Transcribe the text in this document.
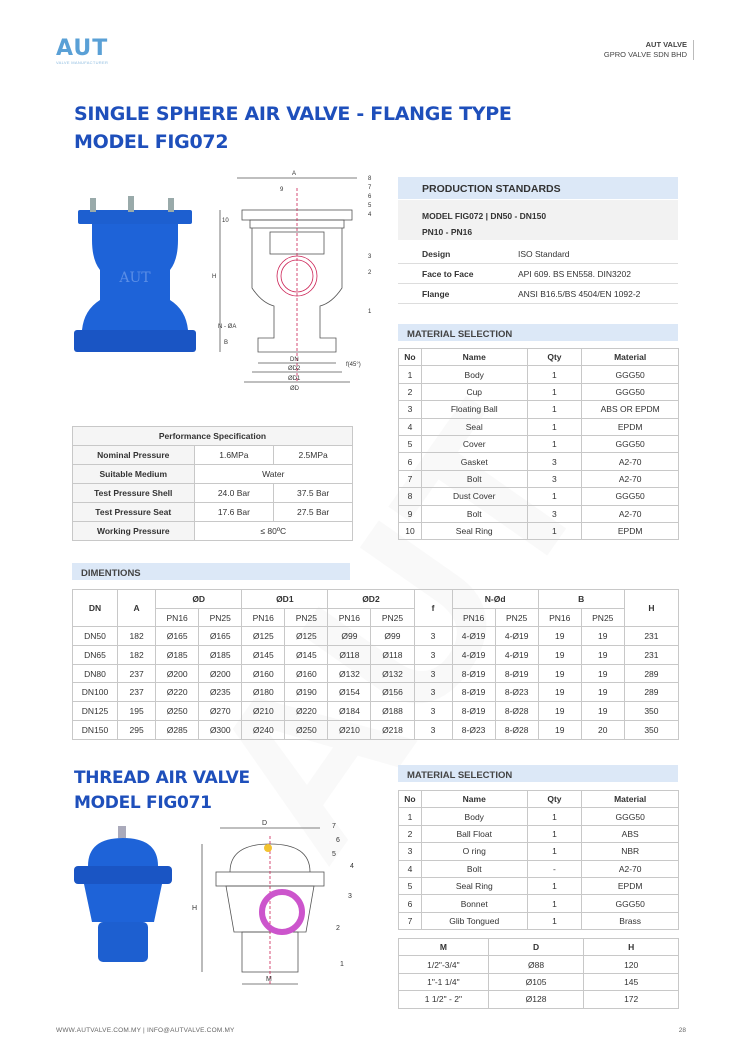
AUT
VALVE MANUFACTURER
AUT VALVE
GPRO VALVE SDN BHD
SINGLE SPHERE AIR VALVE - FLANGE TYPE
MODEL FIG072
AUT
A
9
8
7
6
5
4
10
3
2
H
N - ØA
B
1
DN
ØD2
ØD1
ØD
f(45°)
PRODUCTION STANDARDS
MODEL FIG072 | DN50 - DN150
PN10 - PN16
Design	ISO Standard
Face to Face	API 609. BS EN558. DIN3202
Flange	ANSI B16.5/BS 4504/EN 1092-2
MATERIAL SELECTION
No	Name	Qty	Material
1	Body	1	GGG50
2	Cup	1	GGG50
3	Floating Ball	1	ABS OR EPDM
4	Seal	1	EPDM
5	Cover	1	GGG50
6	Gasket	3	A2-70
7	Bolt	3	A2-70
8	Dust Cover	1	GGG50
9	Bolt	3	A2-70
10	Seal Ring	1	EPDM
Performance Specification		
Nominal Pressure	1.6MPa	2.5MPa
Suitable Medium	Water	
Test Pressure Shell	24.0 Bar	37.5 Bar
Test Pressure Seat	17.6 Bar	27.5 Bar
Working Pressure	≤ 80ºC	
DIMENTIONS
DN	A	ØD		ØD1		ØD2		f	N-Ød		B		H
		PN16	PN25	PN16	PN25	PN16	PN25		PN16	PN25	PN16	PN25	
DN50	182	Ø165	Ø165	Ø125	Ø125	Ø99	Ø99	3	4-Ø19	4-Ø19	19	19	231
DN65	182	Ø185	Ø185	Ø145	Ø145	Ø118	Ø118	3	4-Ø19	4-Ø19	19	19	231
DN80	237	Ø200	Ø200	Ø160	Ø160	Ø132	Ø132	3	8-Ø19	8-Ø19	19	19	289
DN100	237	Ø220	Ø235	Ø180	Ø190	Ø154	Ø156	3	8-Ø19	8-Ø23	19	19	289
DN125	195	Ø250	Ø270	Ø210	Ø220	Ø184	Ø188	3	8-Ø19	8-Ø28	19	19	350
DN150	295	Ø285	Ø300	Ø240	Ø250	Ø210	Ø218	3	8-Ø23	8-Ø28	19	20	350
THREAD AIR VALVE
MODEL FIG071
D	7
6
5
4
H
3
2
1
M
MATERIAL SELECTION
No	Name	Qty	Material
1	Body	1	GGG50
2	Ball Float	1	ABS
3	O ring	1	NBR
4	Bolt	-	A2-70
5	Seal Ring	1	EPDM
6	Bonnet	1	GGG50
7	Glib Tongued	1	Brass
M	D	H
1/2"-3/4"	Ø88	120
1"-1 1/4"	Ø105	145
1 1/2" - 2"	Ø128	172
WWW.AUTVALVE.COM.MY | INFO@AUTVALVE.COM.MY	28
